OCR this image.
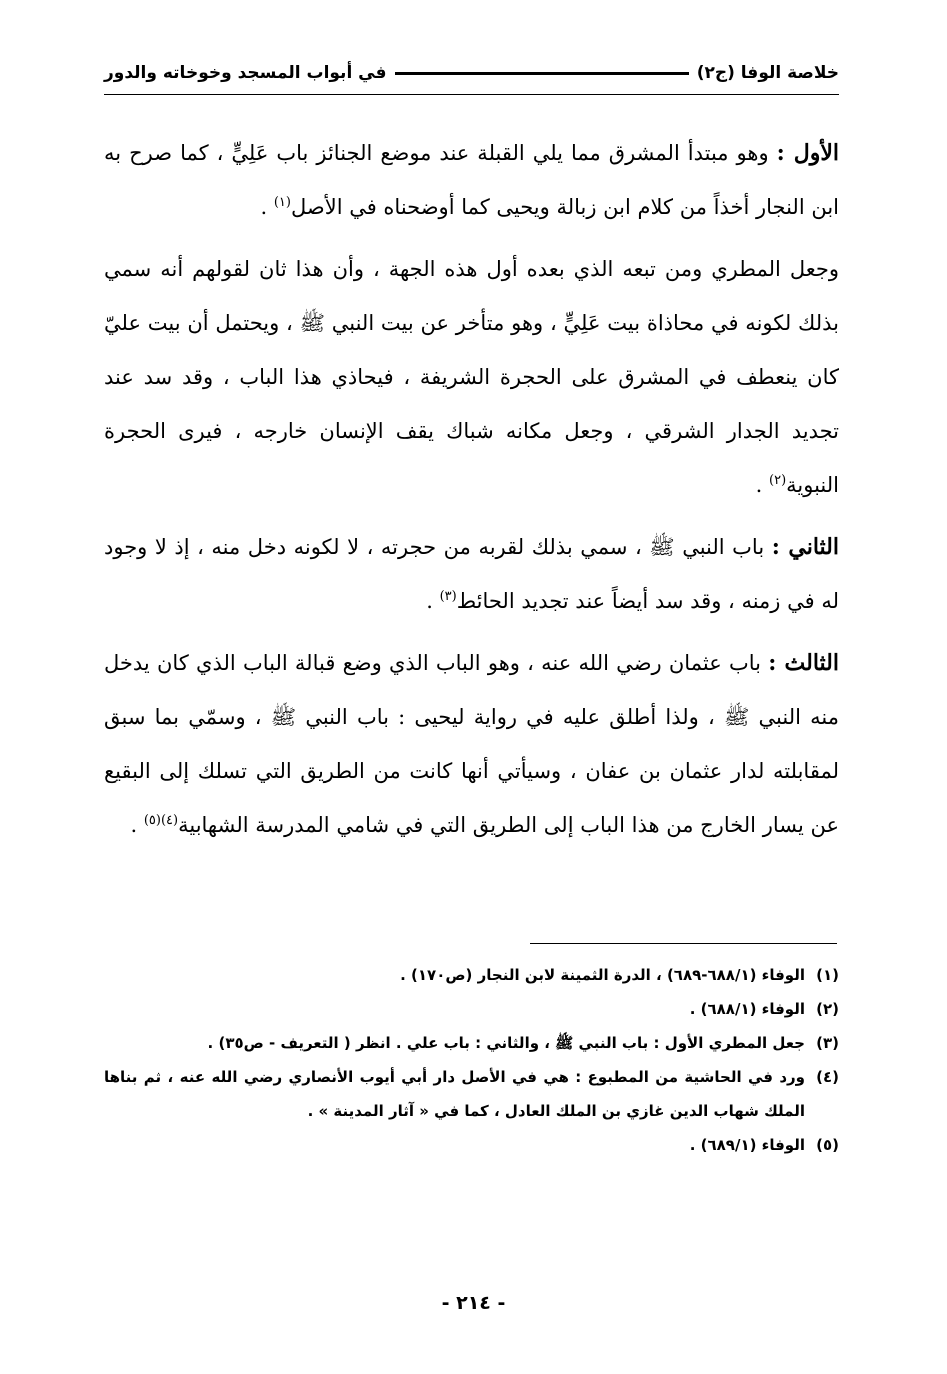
خلاصة الوفا (ج٢)
في أبواب المسجد وخوخاته والدور

الأول : وهو مبتدأ المشرق مما يلي القبلة عند موضع الجنائز باب عَلِيٍّ ، كما صرح به ابن النجار أخذاً من كلام ابن زبالة ويحيى كما أوضحناه في الأصل$^{(١)}$ .

وجعل المطري ومن تبعه الذي بعده أول هذه الجهة ، وأن هذا ثان لقولهم أنه سمي بذلك لكونه في محاذاة بيت عَلِيٍّ ، وهو متأخر عن بيت النبي ﷺ ، ويحتمل أن بيت عليّ كان ينعطف في المشرق على الحجرة الشريفة ، فيحاذي هذا الباب ، وقد سد عند تجديد الجدار الشرقي ، وجعل مكانه شباك يقف الإنسان خارجه ، فيرى الحجرة النبوية$^{(٢)}$ .

الثاني : باب النبي ﷺ ، سمي بذلك لقربه من حجرته ، لا لكونه دخل منه ، إذ لا وجود له في زمنه ، وقد سد أيضاً عند تجديد الحائط$^{(٣)}$ .

الثالث : باب عثمان رضي الله عنه ، وهو الباب الذي وضع قبالة الباب الذي كان يدخل منه النبي ﷺ ، ولذا أطلق عليه في رواية ليحيى : باب النبي ﷺ ، وسمّي بما سبق لمقابلته لدار عثمان بن عفان ، وسيأتي أنها كانت من الطريق التي تسلك إلى البقيع عن يسار الخارج من هذا الباب إلى الطريق التي في شامي المدرسة الشهابية$^{(٤)(٥)}$ .

(١)
الوفاء (٦٨٨/١-٦٨٩) ، الدرة الثمينة لابن النجار (ص١٧٠) .
(٢)
الوفاء (٦٨٨/١) .
(٣)
جعل المطري الأول : باب النبي ﷺ ، والثاني : باب علي . انظر ( التعريف - ص٣٥) .
(٤)
ورد في الحاشية من المطبوع : هي في الأصل دار أبي أيوب الأنصاري رضي الله عنه ، ثم بناها الملك شهاب الدين غازي بن الملك العادل ، كما في « آثار المدينة » .
(٥)
الوفاء (٦٨٩/١) .
- ٢١٤ -
